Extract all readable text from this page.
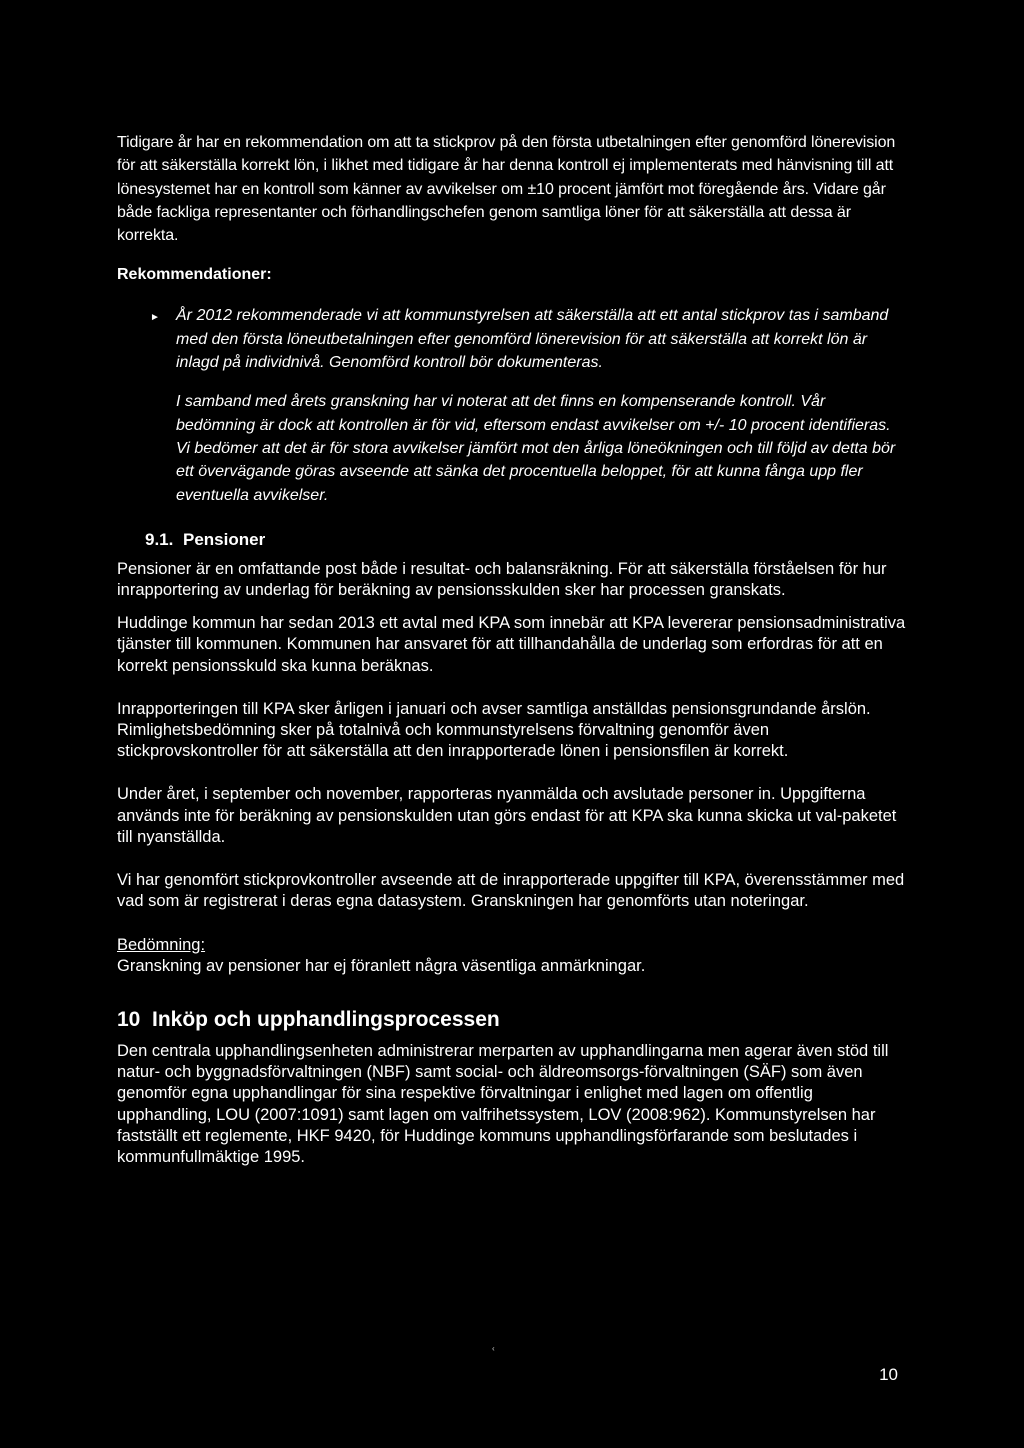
Tidigare år har en rekommendation om att ta stickprov på den första utbetalningen efter genomförd lönerevision för att säkerställa korrekt lön, i likhet med tidigare år har denna kontroll ej implementerats med hänvisning till att lönesystemet har en kontroll som känner av avvikelser om ±10 procent jämfört mot föregående års. Vidare går både fackliga representanter och förhandlingschefen genom samtliga löner för att säkerställa att dessa är korrekta.

Rekommendationer:

► År 2012 rekommenderade vi att kommunstyrelsen att säkerställa att ett antal stickprov tas i samband med den första löneutbetalningen efter genomförd lönerevision för att säkerställa att korrekt lön är inlagd på individnivå. Genomförd kontroll bör dokumenteras.

I samband med årets granskning har vi noterat att det finns en kompenserande kontroll. Vår bedömning är dock att kontrollen är för vid, eftersom endast avvikelser om +/- 10 procent identifieras. Vi bedömer att det är för stora avvikelser jämfört mot den årliga löneökningen och till följd av detta bör ett övervägande göras avseende att sänka det procentuella beloppet, för att kunna fånga upp fler eventuella avvikelser.

9.1. Pensioner

Pensioner är en omfattande post både i resultat- och balansräkning. För att säkerställa förståelsen för hur inrapportering av underlag för beräkning av pensionsskulden sker har processen granskats.

Huddinge kommun har sedan 2013 ett avtal med KPA som innebär att KPA levererar pensionsadministrativa tjänster till kommunen. Kommunen har ansvaret för att tillhandahålla de underlag som erfordras för att en korrekt pensionsskuld ska kunna beräknas.

Inrapporteringen till KPA sker årligen i januari och avser samtliga anställdas pensionsgrundande årslön. Rimlighetsbedömning sker på totalnivå och kommunstyrelsens förvaltning genomför även stickprovskontroller för att säkerställa att den inrapporterade lönen i pensionsfilen är korrekt.

Under året, i september och november, rapporteras nyanmälda och avslutade personer in. Uppgifterna används inte för beräkning av pensionskulden utan görs endast för att KPA ska kunna skicka ut val-paketet till nyanställda.

Vi har genomfört stickprovkontroller avseende att de inrapporterade uppgifter till KPA, överensstämmer med vad som är registrerat i deras egna datasystem. Granskningen har genomförts utan noteringar.

Bedömning:

Granskning av pensioner har ej föranlett några väsentliga anmärkningar.

10 Inköp och upphandlingsprocessen

Den centrala upphandlingsenheten administrerar merparten av upphandlingarna men agerar även stöd till natur- och byggnadsförvaltningen (NBF) samt social- och äldreomsorgs-förvaltningen (SÄF) som även genomför egna upphandlingar för sina respektive förvaltningar i enlighet med lagen om offentlig upphandling, LOU (2007:1091) samt lagen om valfrihetssystem, LOV (2008:962). Kommunstyrelsen har fastställt ett reglemente, HKF 9420, för Huddinge kommuns upphandlingsförfarande som beslutades i kommunfullmäktige 1995.

‹
10
